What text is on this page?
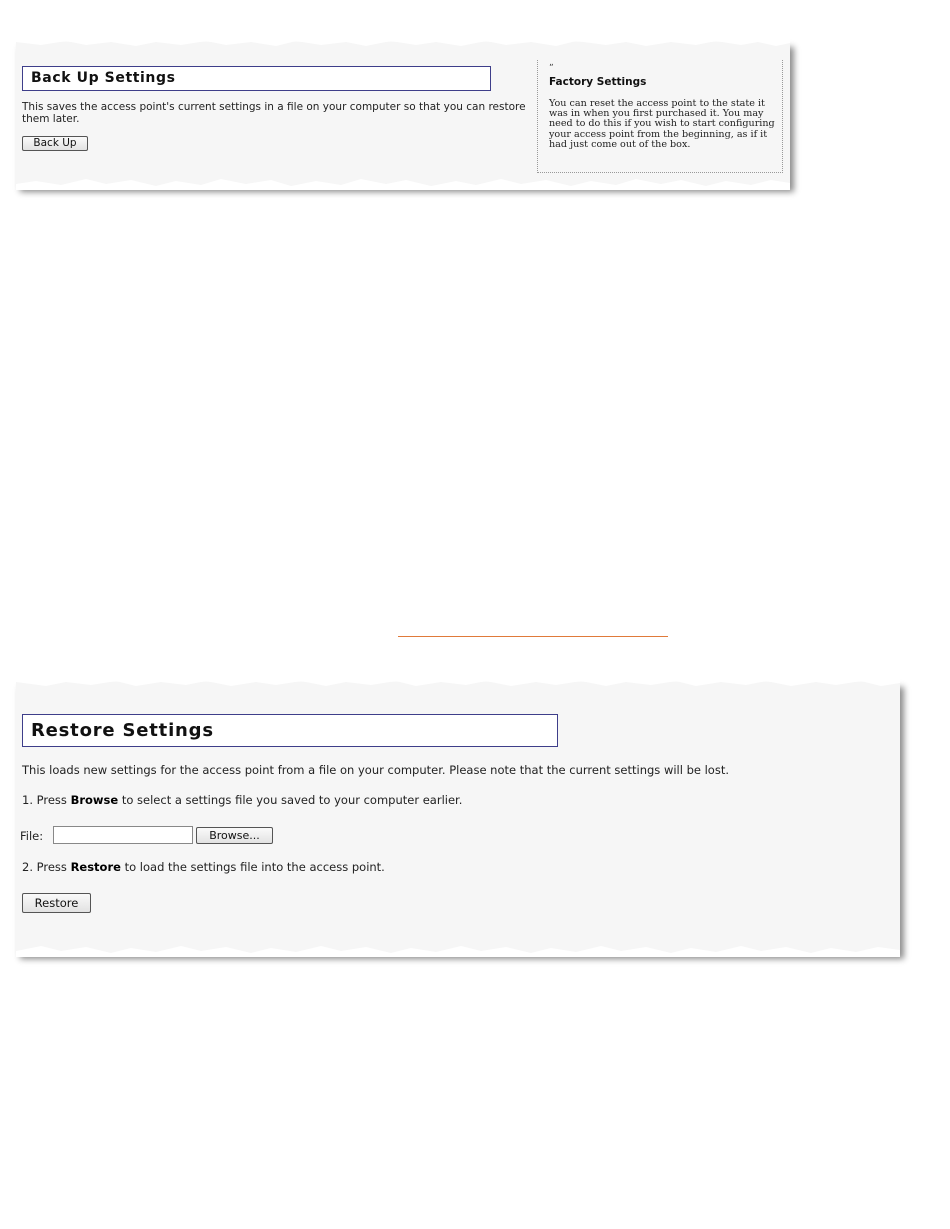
Back Up Settings
This saves the access point's current settings in a file on your computer so that you can restore them later.
Back Up
„
Factory Settings
You can reset the access point to the state it was in when you first purchased it. You may need to do this if you wish to start configuring your access point from the beginning, as if it had just come out of the box.
Restore Settings
This loads new settings for the access point from a file on your computer. Please note that the current settings will be lost.
1. Press Browse to select a settings file you saved to your computer earlier.
File:	Browse...
2. Press Restore to load the settings file into the access point.
Restore
